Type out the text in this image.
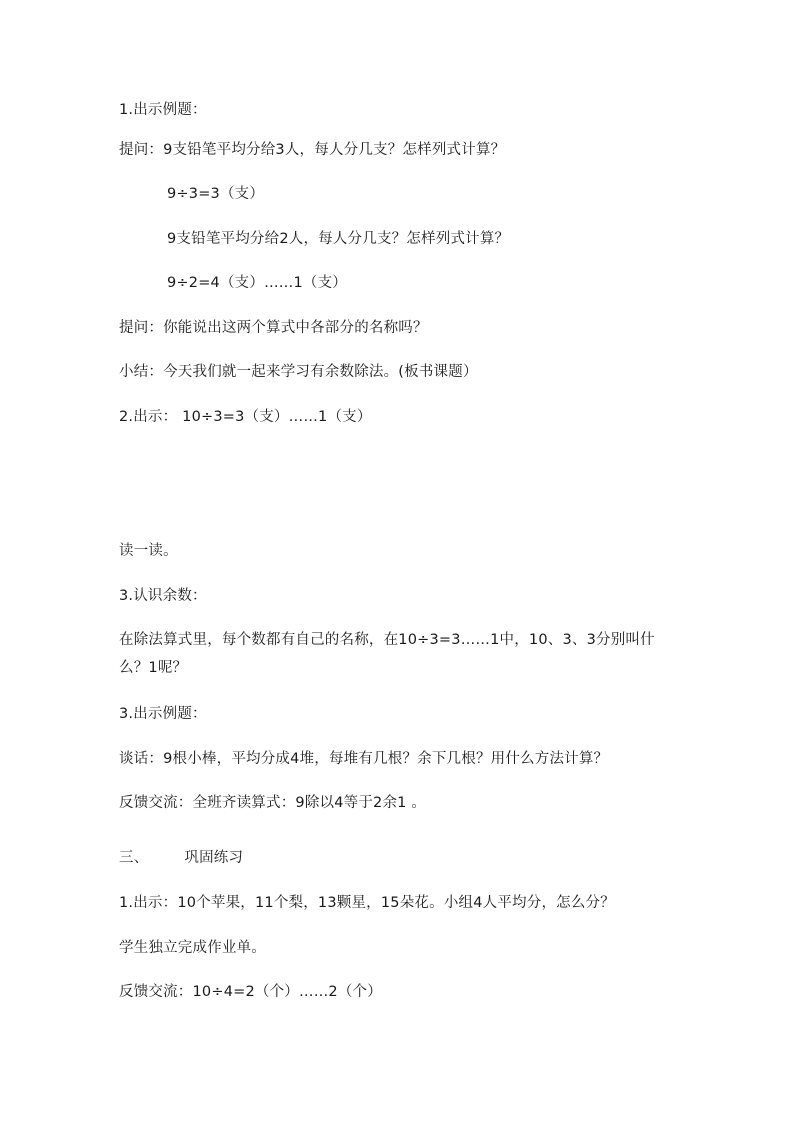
1.出示例题：
提问：9支铅笔平均分给3人，每人分几支？怎样列式计算？
9÷3=3（支）
9支铅笔平均分给2人，每人分几支？怎样列式计算？
9÷2=4（支）……1（支）
提问：你能说出这两个算式中各部分的名称吗？
小结：今天我们就一起来学习有余数除法。(板书课题）
2.出示： 10÷3=3（支）……1（支）
读一读。
3.认识余数：
在除法算式里，每个数都有自己的名称，在10÷3=3……1中，10、3、3分别叫什么？1呢？
3.出示例题：
谈话：9根小棒，平均分成4堆，每堆有几根？余下几根？用什么方法计算？
反馈交流：全班齐读算式：9除以4等于2余1 。
三、 巩固练习
1.出示：10个苹果，11个梨，13颗星，15朵花。小组4人平均分，怎么分？
学生独立完成作业单。
反馈交流：10÷4=2（个）……2（个）
